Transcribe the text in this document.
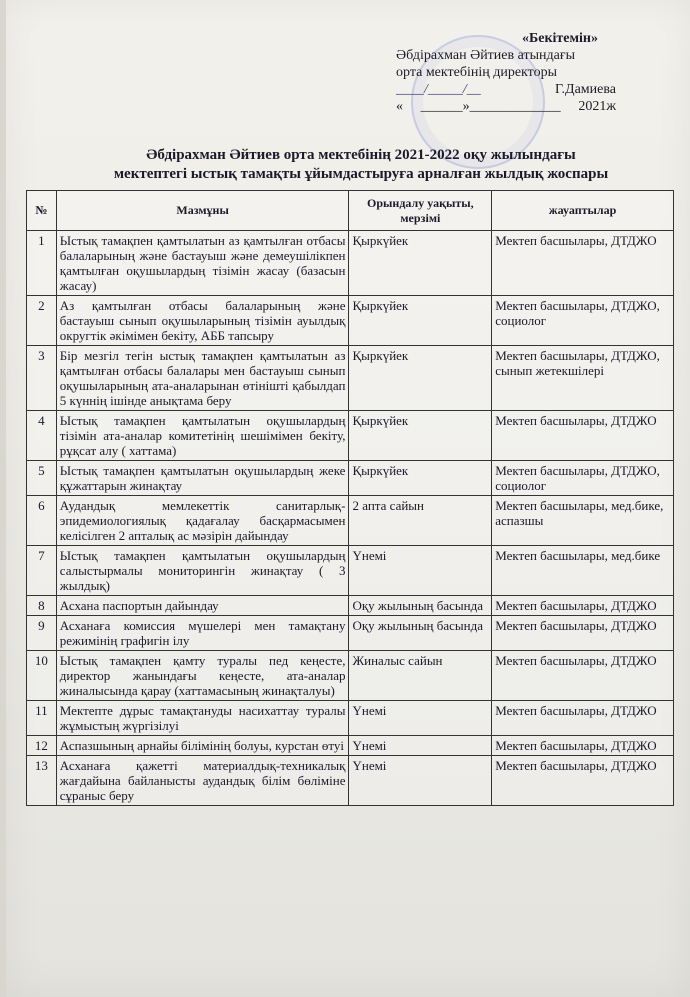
«Бекітемін»
Әбдірахман Әйтиев атындағы
орта мектебінің директоры
____/_____/__	Г.Дамиева
« ______»_____________ 2021ж
Әбдірахман Әйтиев орта мектебінің 2021-2022 оқу жылындағы
мектептегі ыстық тамақты ұйымдастыруға арналған жылдық жоспары
№	Мазмұны	Орындалу уақыты, мерзімі	жауаптылар
1	Ыстық тамақпен қамтылатын аз қамтылған отбасы балаларының және бастауыш және демеушілікпен қамтылған оқушылардың тізімін жасау (базасын жасау)	Қыркүйек	Мектеп басшылары, ДТДЖО
2	Аз қамтылған отбасы балаларының және бастауыш сынып оқушыларының тізімін ауылдық округтік әкімімен бекіту, АББ тапсыру	Қыркүйек	Мектеп басшылары, ДТДЖО, социолог
3	Бір мезгіл тегін ыстық тамақпен қамтылатын аз қамтылған отбасы балалары мен бастауыш сынып оқушыларының ата-аналарынан өтінішті қабылдап 5 күннің ішінде анықтама беру	Қыркүйек	Мектеп басшылары, ДТДЖО, сынып жетекшілері
4	Ыстық тамақпен қамтылатын оқушылардың тізімін ата-аналар комитетінің шешімімен бекіту, рұқсат алу ( хаттама)	Қыркүйек	Мектеп басшылары, ДТДЖО
5	Ыстық тамақпен қамтылатын оқушылардың жеке құжаттарын жинақтау	Қыркүйек	Мектеп басшылары, ДТДЖО, социолог
6	Аудандық мемлекеттік санитарлық-эпидемиологиялық қадағалау басқармасымен келісілген 2 апталық ас мәзірін дайындау	2 апта сайын	Мектеп басшылары, мед.бике, аспазшы
7	Ыстық тамақпен қамтылатын оқушылардың салыстырмалы мониторингін жинақтау ( 3 жылдық)	Үнемі	Мектеп басшылары, мед.бике
8	Асхана паспортын дайындау	Оқу жылының басында	Мектеп басшылары, ДТДЖО
9	Асханаға комиссия мүшелері мен тамақтану режимінің графигін ілу	Оқу жылының басында	Мектеп басшылары, ДТДЖО
10	Ыстық тамақпен қамту туралы пед кеңесте, директор жанындағы кеңесте, ата-аналар жиналысында қарау (хаттамасының жинақталуы)	Жиналыс сайын	Мектеп басшылары, ДТДЖО
11	Мектепте дұрыс тамақтануды насихаттау туралы жұмыстың жүргізілуі	Үнемі	Мектеп басшылары, ДТДЖО
12	Аспазшының арнайы білімінің болуы, курстан өтуі	Үнемі	Мектеп басшылары, ДТДЖО
13	Асханаға қажетті материалдық-техникалық жағдайына байланысты аудандық білім бөліміне сұраныс беру	Үнемі	Мектеп басшылары, ДТДЖО
